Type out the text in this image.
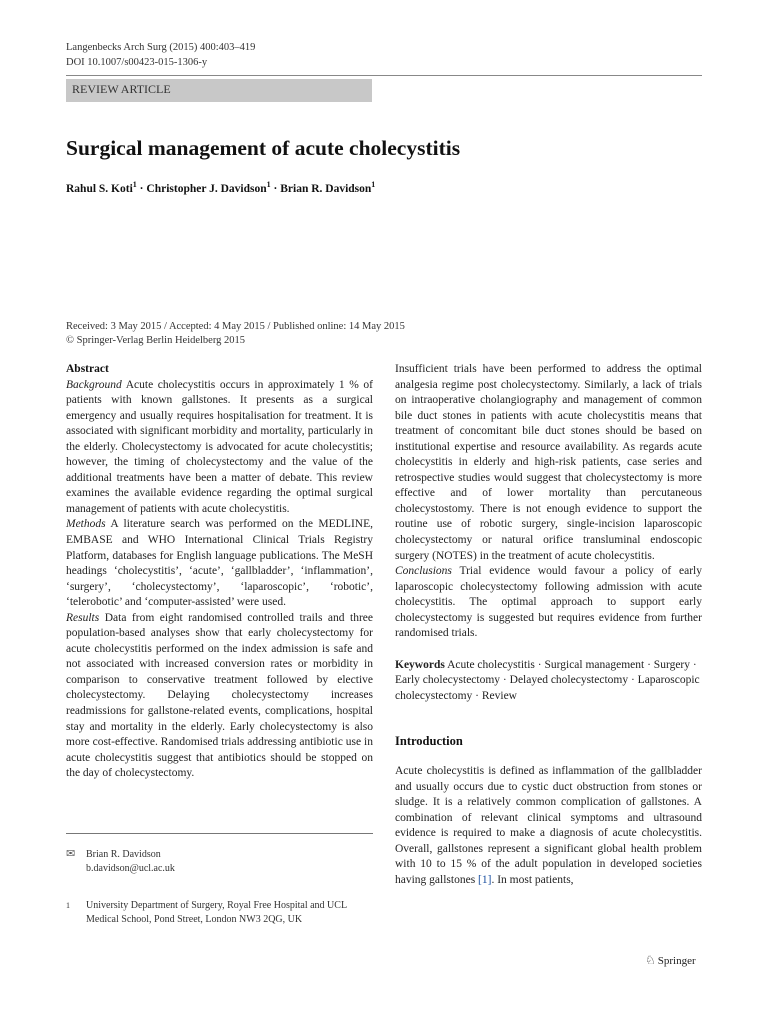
Langenbecks Arch Surg (2015) 400:403–419
DOI 10.1007/s00423-015-1306-y
REVIEW ARTICLE
Surgical management of acute cholecystitis
Rahul S. Koti$^1$ · Christopher J. Davidson$^1$ · Brian R. Davidson$^1$
Received: 3 May 2015 / Accepted: 4 May 2015 / Published online: 14 May 2015
© Springer-Verlag Berlin Heidelberg 2015

Abstract

Background Acute cholecystitis occurs in approximately 1 % of patients with known gallstones. It presents as a surgical emergency and usually requires hospitalisation for treatment. It is associated with significant morbidity and mortality, particularly in the elderly. Cholecystectomy is advocated for acute cholecystitis; however, the timing of cholecystectomy and the value of the additional treatments have been a matter of debate. This review examines the available evidence regarding the optimal surgical management of patients with acute cholecystitis.

Methods A literature search was performed on the MEDLINE, EMBASE and WHO International Clinical Trials Registry Platform, databases for English language publications. The MeSH headings ‘cholecystitis’, ‘acute’, ‘gallbladder’, ‘inflammation’, ‘surgery’, ‘cholecystectomy’, ‘laparoscopic’, ‘robotic’, ‘telerobotic’ and ‘computer-assisted’ were used.

Results Data from eight randomised controlled trails and three population-based analyses show that early cholecystectomy for acute cholecystitis performed on the index admission is safe and not associated with increased conversion rates or morbidity in comparison to conservative treatment followed by elective cholecystectomy. Delaying cholecystectomy increases readmissions for gallstone-related events, complications, hospital stay and mortality in the elderly. Early cholecystectomy is also more cost-effective. Randomised trials addressing antibiotic use in acute cholecystitis suggest that antibiotics should be stopped on the day of cholecystectomy.

✉ Brian R. Davidson
b.davidson@ucl.ac.uk
1 University Department of Surgery, Royal Free Hospital and UCL Medical School, Pond Street, London NW3 2QG, UK

Insufficient trials have been performed to address the optimal analgesia regime post cholecystectomy. Similarly, a lack of trials on intraoperative cholangiography and management of common bile duct stones in patients with acute cholecystitis means that treatment of concomitant bile duct stones should be based on institutional expertise and resource availability. As regards acute cholecystitis in elderly and high-risk patients, case series and retrospective studies would suggest that cholecystectomy is more effective and of lower mortality than percutaneous cholecystostomy. There is not enough evidence to support the routine use of robotic surgery, single-incision laparoscopic cholecystectomy or natural orifice transluminal endoscopic surgery (NOTES) in the treatment of acute cholecystitis.

Conclusions Trial evidence would favour a policy of early laparoscopic cholecystectomy following admission with acute cholecystitis. The optimal approach to support early cholecystectomy is suggested but requires evidence from further randomised trials.

Keywords Acute cholecystitis · Surgical management · Surgery · Early cholecystectomy · Delayed cholecystectomy · Laparoscopic cholecystectomy · Review

Introduction

Acute cholecystitis is defined as inflammation of the gallbladder and usually occurs due to cystic duct obstruction from stones or sludge. It is a relatively common complication of gallstones. A combination of relevant clinical symptoms and ultrasound evidence is required to make a diagnosis of acute cholecystitis. Overall, gallstones represent a significant global health problem with 10 to 15 % of the adult population in developed societies having gallstones [1]. In most patients,

♘ Springer
